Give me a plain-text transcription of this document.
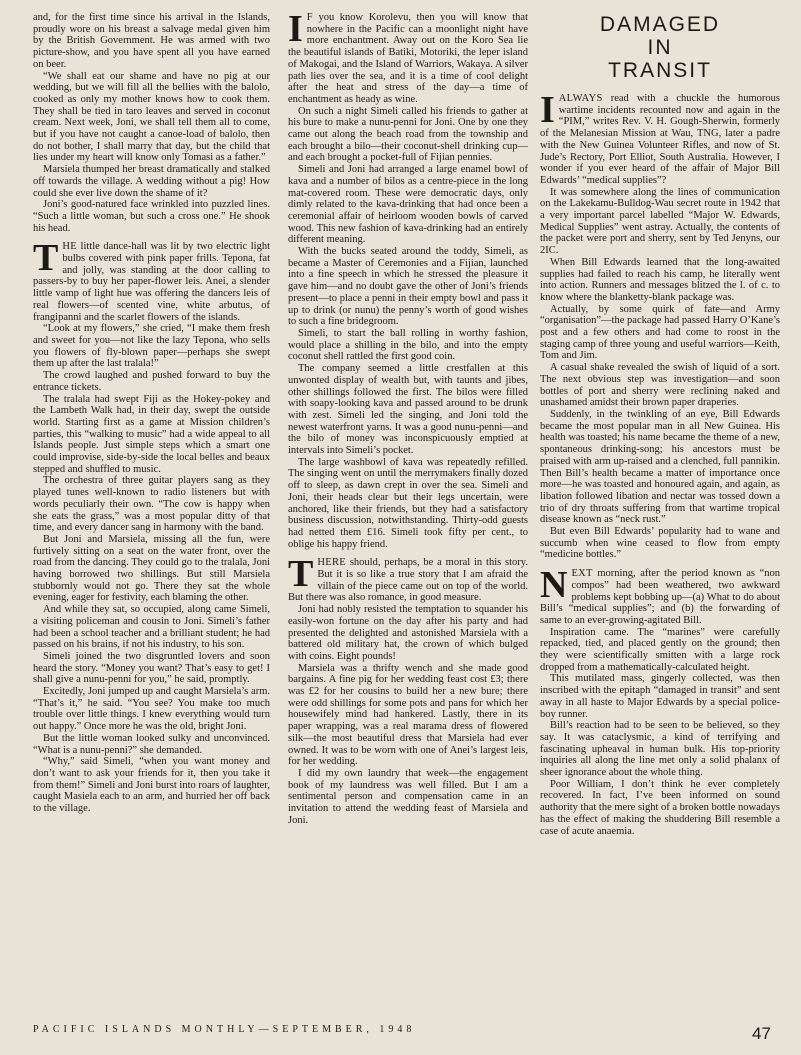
and, for the first time since his arrival in the Islands, proudly wore on his breast a salvage medal given him by the British Government. He was armed with two picture-show, and you have spent all you have earned on beer.

“We shall eat our shame and have no pig at our wedding, but we will fill all the bellies with the balolo, cooked as only my mother knows how to cook them. They shall be tied in taro leaves and served in coconut cream. Next week, Joni, we shall tell them all to come, but if you have not caught a canoe-load of balolo, then do not bother, I shall marry that day, but the child that lies under my heart will know only Tomasi as a father.”

Marsiela thumped her breast dramatically and stalked off towards the village. A wedding without a pig! How could she ever live down the shame of it?

Joni’s good-natured face wrinkled into puzzled lines. “Such a little woman, but such a cross one.” He shook his head.

THE little dance-hall was lit by two electric light bulbs covered with pink paper frills. Tepona, fat and jolly, was standing at the door calling to passers-by to buy her paper-flower leis. Anei, a slender little vamp of light hue was offering the dancers leis of real flowers—of scented vine, white arbutus, of frangipanni and the scarlet flowers of the islands.

“Look at my flowers,” she cried, “I make them fresh and sweet for you—not like the lazy Tepona, who sells you flowers of fly-blown paper—perhaps she swept them up after the last tralala!”

The crowd laughed and pushed forward to buy the entrance tickets.

The tralala had swept Fiji as the Hokey-pokey and the Lambeth Walk had, in their day, swept the outside world. Starting first as a game at Mission children’s parties, this “walking to music” had a wide appeal to all Islands people. Just simple steps which a smart one could improvise, side-by-side the local belles and beaux stepped and shuffled to music.

The orchestra of three guitar players sang as they played tunes well-known to radio listeners but with words peculiarly their own. “The cow is happy when she eats the grass,” was a most popular ditty of that time, and every dancer sang in harmony with the band.

But Joni and Marsiela, missing all the fun, were furtively sitting on a seat on the water front, over the road from the dancing. They could go to the tralala, Joni having borrowed two shillings. But still Marsiela stubbornly would not go. There they sat the whole evening, eager for festivity, each blaming the other.

And while they sat, so occupied, along came Simeli, a visiting policeman and cousin to Joni. Simeli’s father had been a school teacher and a brilliant student; he had passed on his brains, if not his industry, to his son.

Simeli joined the two disgruntled lovers and soon heard the story. “Money you want? That’s easy to get! I shall give a nunu-penni for you,” he said, promptly.

Excitedly, Joni jumped up and caught Marsiela’s arm. “That’s it,” he said. “You see? You make too much trouble over little things. I knew everything would turn out happy.” Once more he was the old, bright Joni.

But the little woman looked sulky and unconvinced. “What is a nunu-penni?” she demanded.

“Why,” said Simeli, “when you want money and don’t want to ask your friends for it, then you take it from them!” Simeli and Joni burst into roars of laughter, caught Masiela each to an arm, and hurried her off back to the village.

I F you know Korolevu, then you will know that nowhere in the Pacific can a moonlight night have more enchantment. Away out on the Koro Sea lie the beautiful islands of Batiki, Motoriki, the leper island of Makogai, and the Island of Warriors, Wakaya. A silver path lies over the sea, and it is a time of cool delight after the heat and stress of the day—a time of enchantment as heady as wine.

On such a night Simeli called his friends to gather at his bure to make a nunu-penni for Joni. One by one they came out along the beach road from the township and each brought a bilo—their coconut-shell drinking cup—and each brought a pocket-full of Fijian pennies.

Simeli and Joni had arranged a large enamel bowl of kava and a number of bilos as a centre-piece in the long mat-covered room. These were democratic days, only dimly related to the kava-drinking that had once been a ceremonial affair of heirloom wooden bowls of carved wood. This new fashion of kava-drinking had an entirely different meaning.

With the bucks seated around the toddy, Simeli, as became a Master of Ceremonies and a Fijian, launched into a fine speech in which he stressed the pleasure it gave him—and no doubt gave the other of Joni’s friends present—to place a penni in their empty bowl and pass it up to drink (or nunu) the penny’s worth of good wishes to such a fine bridegroom.

Simeli, to start the ball rolling in worthy fashion, would place a shilling in the bilo, and into the empty coconut shell rattled the first good coin.

The company seemed a little crestfallen at this unwonted display of wealth but, with taunts and jibes, other shillings followed the first. The bilos were filled with soapy-looking kava and passed around to be drunk with zest. Simeli led the singing, and Joni told the newest waterfront yarns. It was a good nunu-penni—and the bilo of money was inconspicuously emptied at intervals into Simeli’s pocket.

The large washbowl of kava was repeatedly refilled. The singing went on until the merrymakers finally dozed off to sleep, as dawn crept in over the sea. Simeli and Joni, their heads clear but their legs uncertain, were anchored, like their friends, but they had a satisfactory business discussion, notwithstanding. Thirty-odd guests had netted them £16. Simeli took fifty per cent., to oblige his happy friend.

THERE should, perhaps, be a moral in this story. But it is so like a true story that I am afraid the villain of the piece came out on top of the world. But there was also romance, in good measure.

Joni had nobly resisted the temptation to squander his easily-won fortune on the day after his party and had presented the delighted and astonished Marsiela with a battered old military hat, the crown of which bulged with coins. Eight pounds!

Marsiela was a thrifty wench and she made good bargains. A fine pig for her wedding feast cost £3; there was £2 for her cousins to build her a new bure; there were odd shillings for some pots and pans for which her housewifely mind had hankered. Lastly, there in its paper wrapping, was a real marama dress of flowered silk—the most beautiful dress that Marsiela had ever owned. It was to be worn with one of Anei’s largest leis, for her wedding.

I did my own laundry that week—the engagement book of my laundress was well filled. But I am a sentimental person and compensation came in an invitation to attend the wedding feast of Marsiela and Joni.

DAMAGED
IN
TRANSIT

IALWAYS read with a chuckle the humorous wartime incidents recounted now and again in the “PIM,” writes Rev. V. H. Gough-Sherwin, formerly of the Melanesian Mission at Wau, TNG, later a padre with the New Guinea Volunteer Rifles, and now of St. Jude’s Rectory, Port Elliot, South Australia. However, I wonder if you ever heard of the affair of Major Bill Edwards’ “medical supplies”?

It was somewhere along the lines of communication on the Lakekamu-Bulldog-Wau secret route in 1942 that a very important parcel labelled “Major W. Edwards, Medical Supplies” went astray. Actually, the contents of the packet were port and sherry, sent by Ted Jenyns, our 2IC.

When Bill Edwards learned that the long-awaited supplies had failed to reach his camp, he literally went into action. Runners and messages blitzed the l. of c. to know where the blanketty-blank package was.

Actually, by some quirk of fate—and Army “organisation”—the package had passed Harry O’Kane’s post and a few others and had come to roost in the staging camp of three young and useful warriors—Keith, Tom and Jim.

A casual shake revealed the swish of liquid of a sort. The next obvious step was investigation—and soon bottles of port and sherry were reclining naked and unashamed amidst their brown paper draperies.

Suddenly, in the twinkling of an eye, Bill Edwards became the most popular man in all New Guinea. His health was toasted; his name became the theme of a new, spontaneous drinking-song; his ancestors must be praised with arm up-raised and a clenched, full pannikin. Then Bill’s health became a matter of importance once more—he was toasted and honoured again, and again, as libation followed libation and nectar was tossed down a trio of dry throats suffering from that wartime tropical disease known as “neck rust.”

But even Bill Edwards’ popularity had to wane and succumb when wine ceased to flow from empty “medicine bottles.”

NEXT morning, after the period known as “non compos” had been weathered, two awkward problems kept bobbing up—(a) What to do about Bill’s “medical supplies”; and (b) the forwarding of same to an ever-growing-agitated Bill.

Inspiration came. The “marines” were carefully repacked, tied, and placed gently on the ground; then they were scientifically smitten with a large rock dropped from a mathematically-calculated height.

This mutilated mass, gingerly collected, was then inscribed with the epitaph “damaged in transit” and sent away in all haste to Major Edwards by a special police-boy runner.

Bill’s reaction had to be seen to be believed, so they say. It was cataclysmic, a kind of terrifying and fascinating upheaval in human bulk. His top-priority inquiries all along the line met only a solid phalanx of sheer ignorance about the whole thing.

Poor William, I don’t think he ever completely recovered. In fact, I’ve been informed on sound authority that the mere sight of a broken bottle nowadays has the effect of making the shuddering Bill resemble a case of acute anaemia.

PACIFIC ISLANDS MONTHLY—SEPTEMBER, 1948	47
